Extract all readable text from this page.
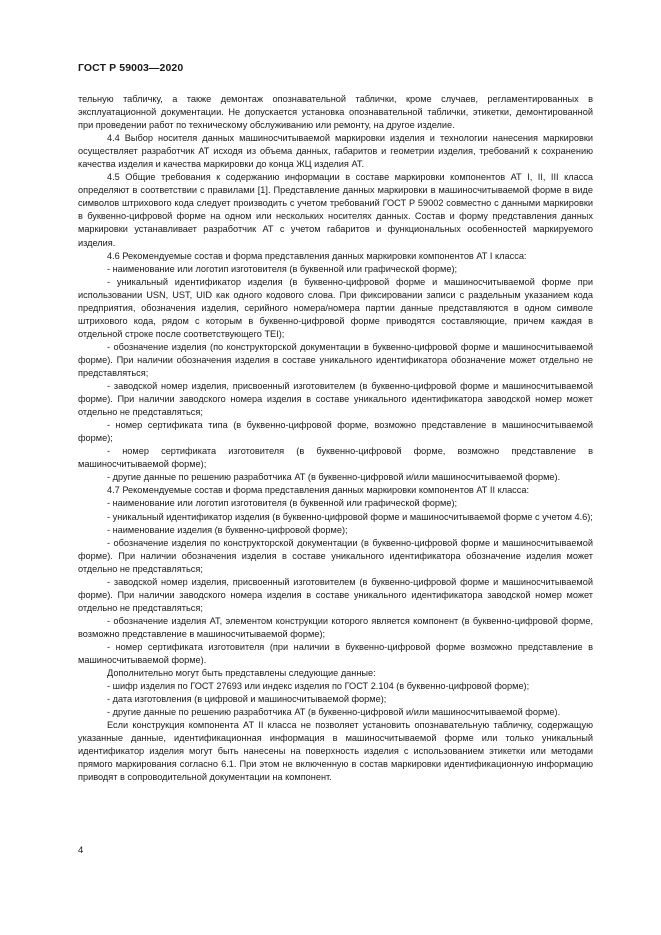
ГОСТ Р 59003—2020

тельную табличку, а также демонтаж опознавательной таблички, кроме случаев, регламентированных в эксплуатационной документации. Не допускается установка опознавательной таблички, этикетки, демонтированной при проведении работ по техническому обслуживанию или ремонту, на другое изделие.

4.4 Выбор носителя данных машиносчитываемой маркировки изделия и технологии нанесения маркировки осуществляет разработчик АТ исходя из объема данных, габаритов и геометрии изделия, требований к сохранению качества изделия и качества маркировки до конца ЖЦ изделия АТ.

4.5 Общие требования к содержанию информации в составе маркировки компонентов АТ I, II, III класса определяют в соответствии с правилами [1]. Представление данных маркировки в машиносчитываемой форме в виде символов штрихового кода следует производить с учетом требований ГОСТ Р 59002 совместно с данными маркировки в буквенно-цифровой форме на одном или нескольких носителях данных. Состав и форму представления данных маркировки устанавливает разработчик АТ с учетом габаритов и функциональных особенностей маркируемого изделия.

4.6 Рекомендуемые состав и форма представления данных маркировки компонентов АТ I класса:

- наименование или логотип изготовителя (в буквенной или графической форме);

- уникальный идентификатор изделия (в буквенно-цифровой форме и машиносчитываемой форме при использовании USN, UST, UID как одного кодового слова. При фиксировании записи с раздельным указанием кода предприятия, обозначения изделия, серийного номера/номера партии данные представляются в одном символе штрихового кода, рядом с которым в буквенно-цифровой форме приводятся составляющие, причем каждая в отдельной строке после соответствующего TEI);

- обозначение изделия (по конструкторской документации в буквенно-цифровой форме и машиносчитываемой форме). При наличии обозначения изделия в составе уникального идентификатора обозначение может отдельно не представляться;

- заводской номер изделия, присвоенный изготовителем (в буквенно-цифровой форме и машиносчитываемой форме). При наличии заводского номера изделия в составе уникального идентификатора заводской номер может отдельно не представляться;

- номер сертификата типа (в буквенно-цифровой форме, возможно представление в машиносчитываемой форме);

- номер сертификата изготовителя (в буквенно-цифровой форме, возможно представление в машиносчитываемой форме);

- другие данные по решению разработчика АТ (в буквенно-цифровой и/или машиносчитываемой форме).

4.7 Рекомендуемые состав и форма представления данных маркировки компонентов АТ II класса:

- наименование или логотип изготовителя (в буквенной или графической форме);

- уникальный идентификатор изделия (в буквенно-цифровой форме и машиносчитываемой форме с учетом 4.6);

- наименование изделия (в буквенно-цифровой форме);

- обозначение изделия по конструкторской документации (в буквенно-цифровой форме и машиносчитываемой форме). При наличии обозначения изделия в составе уникального идентификатора обозначение изделия может отдельно не представляться;

- заводской номер изделия, присвоенный изготовителем (в буквенно-цифровой форме и машиносчитываемой форме). При наличии заводского номера изделия в составе уникального идентификатора заводской номер может отдельно не представляться;

- обозначение изделия АТ, элементом конструкции которого является компонент (в буквенно-цифровой форме, возможно представление в машиносчитываемой форме);

- номер сертификата изготовителя (при наличии в буквенно-цифровой форме возможно представление в машиносчитываемой форме).

Дополнительно могут быть представлены следующие данные:

- шифр изделия по ГОСТ 27693 или индекс изделия по ГОСТ 2.104 (в буквенно-цифровой форме);

- дата изготовления (в цифровой и машиносчитываемой форме);

- другие данные по решению разработчика АТ (в буквенно-цифровой и/или машиносчитываемой форме).

Если конструкция компонента АТ II класса не позволяет установить опознавательную табличку, содержащую указанные данные, идентификационная информация в машиносчитываемой форме или только уникальный идентификатор изделия могут быть нанесены на поверхность изделия с использованием этикетки или методами прямого маркирования согласно 6.1. При этом не включенную в состав маркировки идентификационную информацию приводят в сопроводительной документации на компонент.

4
